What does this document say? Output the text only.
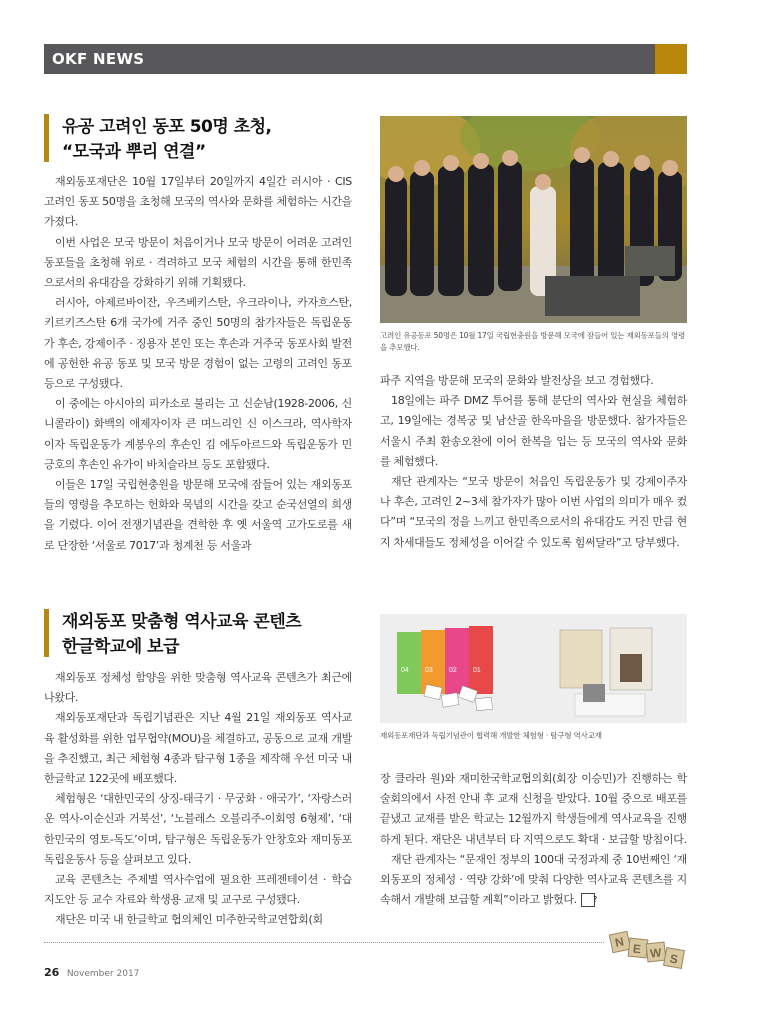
OKF NEWS
유공 고려인 동포 50명 초청,
“모국과 뿌리 연결”

재외동포재단은 10월 17일부터 20일까지 4일간 러시아 · CIS 고려인 동포 50명을 초청해 모국의 역사와 문화를 체험하는 시간을 가졌다.

이번 사업은 모국 방문이 처음이거나 모국 방문이 어려운 고려인 동포들을 초청해 위로 · 격려하고 모국 체험의 시간을 통해 한민족으로서의 유대감을 강화하기 위해 기획됐다.

러시아, 아제르바이잔, 우즈베키스탄, 우크라이나, 카자흐스탄, 키르키즈스탄 6개 국가에 거주 중인 50명의 참가자들은 독립운동가 후손, 강제이주 · 징용자 본인 또는 후손과 거주국 동포사회 발전에 공헌한 유공 동포 및 모국 방문 경험이 없는 고령의 고려인 동포 등으로 구성됐다.

이 중에는 아시아의 피카소로 불리는 고 신순남(1928-2006, 신 니콜라이) 화백의 애제자이자 큰 며느리인 신 이스크라, 역사학자이자 독립운동가 계봉우의 후손인 김 에두아르드와 독립운동가 민긍호의 후손인 유가이 바치슬라브 등도 포함됐다.

이들은 17일 국립현충원을 방문해 모국에 잠들어 있는 재외동포들의 영령을 추모하는 헌화와 묵념의 시간을 갖고 순국선열의 희생을 기렸다. 이어 전쟁기념관을 견학한 후 옛 서울역 고가도로를 새로 단장한 ‘서울로 7017’과 청계천 등 서울과

고려인 유공동포 50명은 10월 17일 국립현충원을 방문해 모국에 잠들어 있는 재외동포들의 영령을 추모했다.

파주 지역을 방문해 모국의 문화와 발전상을 보고 경험했다.

18일에는 파주 DMZ 투어를 통해 분단의 역사와 현실을 체험하고, 19일에는 경복궁 및 남산골 한옥마을을 방문했다. 참가자들은 서울시 주최 환송오찬에 이어 한복을 입는 등 모국의 역사와 문화를 체험했다.

재단 관계자는 “모국 방문이 처음인 독립운동가 및 강제이주자나 후손, 고려인 2~3세 참가자가 많아 이번 사업의 의미가 매우 컸다”며 “모국의 정을 느끼고 한민족으로서의 유대감도 커진 만큼 현지 차세대들도 정체성을 이어갈 수 있도록 힘써달라”고 당부했다.

재외동포 맞춤형 역사교육 콘텐츠
한글학교에 보급

재외동포 정체성 함양을 위한 맞춤형 역사교육 콘텐츠가 최근에 나왔다.

재외동포재단과 독립기념관은 지난 4월 21일 재외동포 역사교육 활성화를 위한 업무협약(MOU)을 체결하고, 공동으로 교재 개발을 추진했고, 최근 체험형 4종과 탐구형 1종을 제작해 우선 미국 내 한글학교 122곳에 배포했다.

체험형은 ‘대한민국의 상징-태극기 · 무궁화 · 애국가’, ‘자랑스러운 역사-이순신과 거북선’, ‘노블레스 오블리주-이회영 6형제’, ‘대한민국의 영토-독도’이며, 탐구형은 독립운동가 안창호와 재미동포 독립운동사 등을 살펴보고 있다.

교육 콘텐츠는 주제별 역사수업에 필요한 프레젠테이션 · 학습 지도안 등 교수 자료와 학생용 교재 및 교구로 구성됐다.

재단은 미국 내 한글학교 협의체인 미주한국학교연합회(회

04 03 02 01
재외동포재단과 독립기념관이 협력해 개발한 체험형 · 탐구형 역사교재

장 클라라 원)와 재미한국학교협의회(회장 이승민)가 진행하는 학술회의에서 사전 안내 후 교재 신청을 받았다. 10월 중으로 배포를 끝냈고 교재를 받은 학교는 12월까지 학생들에게 역사교육을 진행하게 된다. 재단은 내년부터 타 지역으로도 확대 · 보급할 방침이다.

재단 관계자는 “문재인 정부의 100대 국정과제 중 10번째인 ‘재외동포의 정체성 · 역량 강화’에 맞춰 다양한 역사교육 콘텐츠를 지속해서 개발해 보급할 계획”이라고 밝혔다. ?

26 November 2017
N E W S
